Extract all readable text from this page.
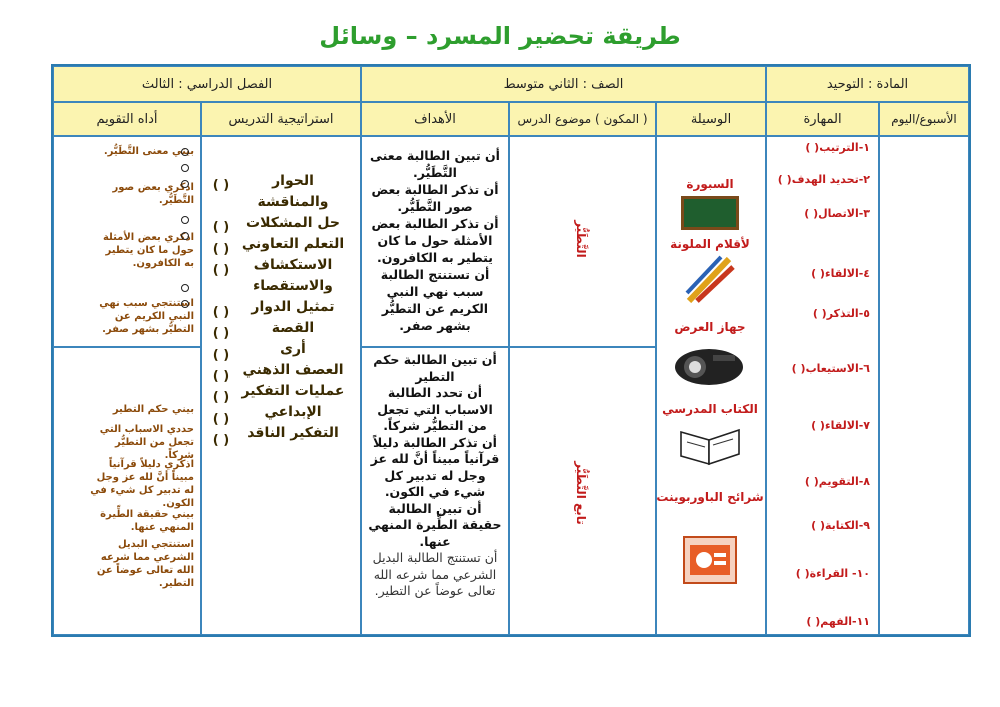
طريقة تحضير المسرد – وسائل
المادة : التوحيد
الصف : الثاني متوسط
الفصل الدراسي : الثالث
الأسبوع/اليوم
المهارة
الوسيلة
( المكون ) موضوع الدرس
الأهداف
استراتيجية التدريس
أداه التقويم
١-الترتيب( )
٢-تحديد الهدف( )
٣-الاتصال( )
٤-الالقاء( )
٥-التذكر( )
٦-الاستيعاب( )
٧-الالقاء( )
٨-التقويم( )
٩-الكتابة( )
١٠- القراءة( )
١١-الفهم( )
السبورة
لأقلام الملونة
جهاز العرض
الكتاب المدرسي
شرائح الباوربوينت
التَّطَيُّر
تابع التَّطَيُّر
أن تبين الطالبة معنى التَّطَيُّر.
أن تذكر الطالبة بعض صور التَّطَيُّر.
أن تذكر الطالبة بعض الأمثلة حول ما كان يتطير به الكافرون.
أن تستنتج الطالبة سبب نهي النبي الكريم عن التطيُّر بشهر صفر.
أن تبين الطالبة حكم التطير
أن تحدد الطالبة الاسباب التي تجعل من التطيُّر شركاً.
أن تذكر الطالبة دليلاً قرآنياً مبيناً أنَّ لله عز وجل له تدبير كل شيء في الكون.
أن تبين الطالبة حقيقة الطِّيرة المنهي عنها.
أن تستنتج الطالبة البديل الشرعي مما شرعه الله تعالى عوضاً عن التطير.
الحوار والمناقشة
حل المشكلات
التعلم التعاوني
الاستكشاف والاستقصاء
تمثيل الدوار
القصة
أرى
العصف الذهني
عمليات التفكير الإبداعي
التفكير الناقد
( )
( )
( )
( )
( )
( )
( )
( )
( )
( )
( )
بيني معنى التَّطَيُّر.
اذكري بعض صور التَّطَيُّر.
اذكري بعض الأمثلة حول ما كان يتطير به الكافرون.
استنتجي سبب نهي النبي الكريم عن التطيُّر بشهر صفر.
بيني حكم التطير
حددي الاسباب التي تجعل من التطيُّر شركاً.
اذكري دليلاً قرآنياً مبيناً أنَّ لله عز وجل له تدبير كل شيء في الكون.
بيني حقيقة الطِّيرة المنهي عنها.
استنتجي البديل الشرعي مما شرعه الله تعالى عوضاً عن التطير.
